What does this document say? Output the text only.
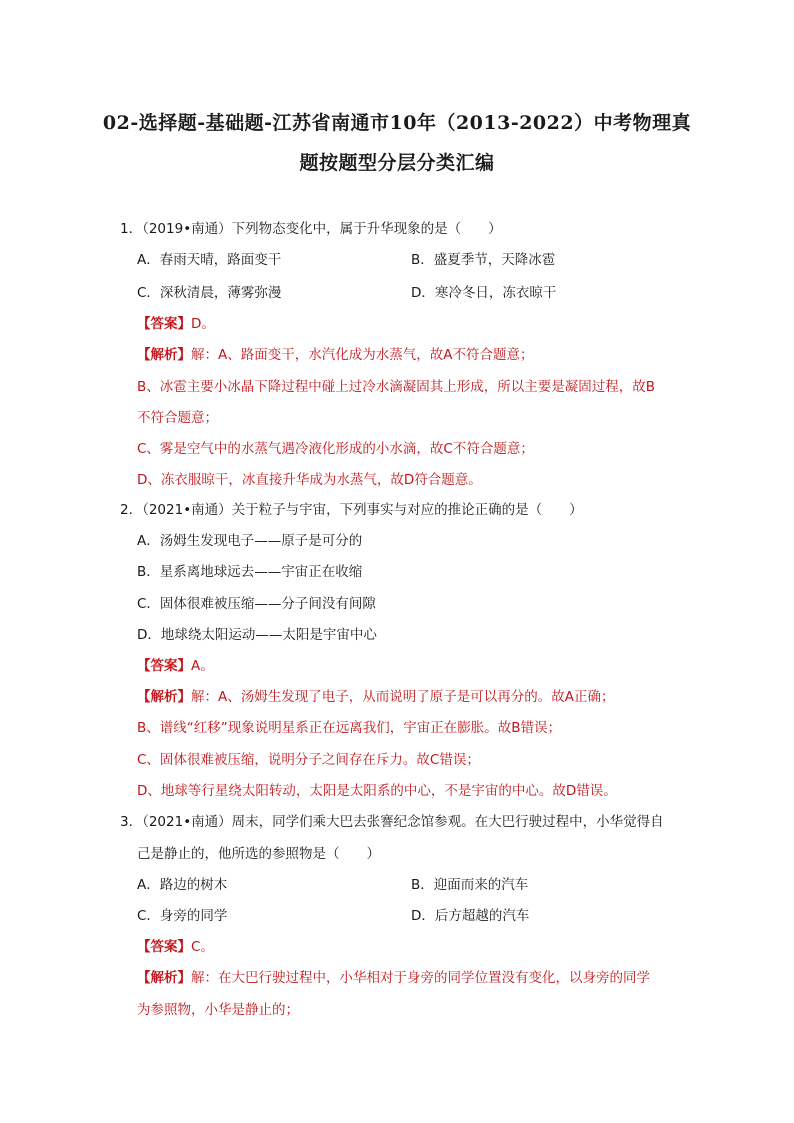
02-选择题-基础题-江苏省南通市10年（2013-2022）中考物理真
题按题型分层分类汇编
1．（2019•南通）下列物态变化中，属于升华现象的是（　　）
A．春雨天晴，路面变干	B．盛夏季节，天降冰雹
C．深秋清晨，薄雾弥漫	D．寒冷冬日，冻衣晾干
【答案】D。
【解析】解：A、路面变干，水汽化成为水蒸气，故A不符合题意；
B、冰雹主要小冰晶下降过程中碰上过冷水滴凝固其上形成，所以主要是凝固过程，故B
不符合题意；
C、雾是空气中的水蒸气遇冷液化形成的小水滴，故C不符合题意；
D、冻衣服晾干，冰直接升华成为水蒸气，故D符合题意。
2．（2021•南通）关于粒子与宇宙，下列事实与对应的推论正确的是（　　）
A．汤姆生发现电子——原子是可分的
B．星系离地球远去——宇宙正在收缩
C．固体很难被压缩——分子间没有间隙
D．地球绕太阳运动——太阳是宇宙中心
【答案】A。
【解析】解：A、汤姆生发现了电子，从而说明了原子是可以再分的。故A正确；
B、谱线“红移”现象说明星系正在远离我们，宇宙正在膨胀。故B错误；
C、固体很难被压缩，说明分子之间存在斥力。故C错误；
D、地球等行星绕太阳转动，太阳是太阳系的中心，不是宇宙的中心。故D错误。
3．（2021•南通）周末，同学们乘大巴去张謇纪念馆参观。在大巴行驶过程中，小华觉得自
己是静止的，他所选的参照物是（　　）
A．路边的树木	B．迎面而来的汽车
C．身旁的同学	D．后方超越的汽车
【答案】C。
【解析】解：在大巴行驶过程中，小华相对于身旁的同学位置没有变化，以身旁的同学
为参照物，小华是静止的；
